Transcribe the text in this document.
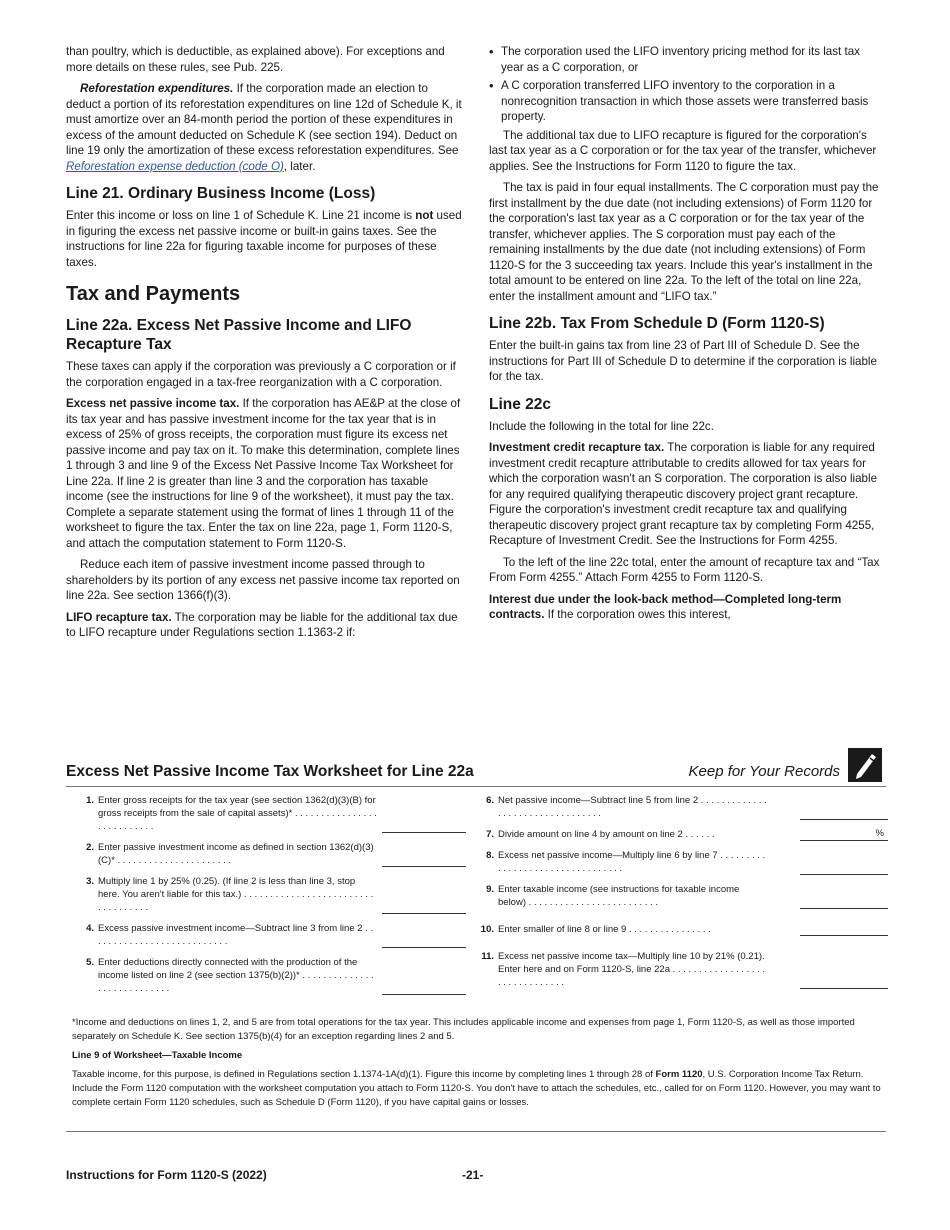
than poultry, which is deductible, as explained above). For exceptions and more details on these rules, see Pub. 225.

Reforestation expenditures. If the corporation made an election to deduct a portion of its reforestation expenditures on line 12d of Schedule K, it must amortize over an 84-month period the portion of these expenditures in excess of the amount deducted on Schedule K (see section 194). Deduct on line 19 only the amortization of these excess reforestation expenditures. See Reforestation expense deduction (code O), later.

Line 21. Ordinary Business Income (Loss)

Enter this income or loss on line 1 of Schedule K. Line 21 income is not used in figuring the excess net passive income or built-in gains taxes. See the instructions for line 22a for figuring taxable income for purposes of these taxes.

Tax and Payments
Line 22a. Excess Net Passive Income and LIFO Recapture Tax

These taxes can apply if the corporation was previously a C corporation or if the corporation engaged in a tax-free reorganization with a C corporation.

Excess net passive income tax. If the corporation has AE&P at the close of its tax year and has passive investment income for the tax year that is in excess of 25% of gross receipts, the corporation must figure its excess net passive income and pay tax on it. To make this determination, complete lines 1 through 3 and line 9 of the Excess Net Passive Income Tax Worksheet for Line 22a. If line 2 is greater than line 3 and the corporation has taxable income (see the instructions for line 9 of the worksheet), it must pay the tax. Complete a separate statement using the format of lines 1 through 11 of the worksheet to figure the tax. Enter the tax on line 22a, page 1, Form 1120-S, and attach the computation statement to Form 1120-S.

Reduce each item of passive investment income passed through to shareholders by its portion of any excess net passive income tax reported on line 22a. See section 1366(f)(3).

LIFO recapture tax. The corporation may be liable for the additional tax due to LIFO recapture under Regulations section 1.1363-2 if:

• The corporation used the LIFO inventory pricing method for its last tax year as a C corporation, or
• A C corporation transferred LIFO inventory to the corporation in a nonrecognition transaction in which those assets were transferred basis property.

The additional tax due to LIFO recapture is figured for the corporation's last tax year as a C corporation or for the tax year of the transfer, whichever applies. See the Instructions for Form 1120 to figure the tax.

The tax is paid in four equal installments. The C corporation must pay the first installment by the due date (not including extensions) of Form 1120 for the corporation's last tax year as a C corporation or for the tax year of the transfer, whichever applies. The S corporation must pay each of the remaining installments by the due date (not including extensions) of Form 1120-S for the 3 succeeding tax years. Include this year's installment in the total amount to be entered on line 22a. To the left of the total on line 22a, enter the installment amount and “LIFO tax.”

Line 22b. Tax From Schedule D (Form 1120-S)

Enter the built-in gains tax from line 23 of Part III of Schedule D. See the instructions for Part III of Schedule D to determine if the corporation is liable for the tax.

Line 22c

Include the following in the total for line 22c.

Investment credit recapture tax. The corporation is liable for any required investment credit recapture attributable to credits allowed for tax years for which the corporation wasn't an S corporation. The corporation is also liable for any required qualifying therapeutic discovery project grant recapture. Figure the corporation's investment credit recapture tax and qualifying therapeutic discovery project grant recapture tax by completing Form 4255, Recapture of Investment Credit. See the Instructions for Form 4255.

To the left of the line 22c total, enter the amount of recapture tax and “Tax From Form 4255.” Attach Form 4255 to Form 1120-S.

Interest due under the look-back method—Completed long-term contracts. If the corporation owes this interest,

Excess Net Passive Income Tax Worksheet for Line 22a	Keep for Your Records
1. Enter gross receipts for the tax year (see section 1362(d)(3)(B) for gross receipts from the sale of capital assets)* . . . . . . . . . . . . . . . . . . . . . . . . . . .
2. Enter passive investment income as defined in section 1362(d)(3)(C)* . . . . . . . . . . . . . . . . . . . . . .
3. Multiply line 1 by 25% (0.25). (If line 2 is less than line 3, stop here. You aren't liable for this tax.) . . . . . . . . . . . . . . . . . . . . . . . . . . . . . . . . . . .
4. Excess passive investment income—Subtract line 3 from line 2 . . . . . . . . . . . . . . . . . . . . . . . . . . .
5. Enter deductions directly connected with the production of the income listed on line 2 (see section 1375(b)(2))* . . . . . . . . . . . . . . . . . . . . . . . . . . . .
6. Net passive income—Subtract line 5 from line 2 . . . . . . . . . . . . . . . . . . . . . . . . . . . . . . . . .
7. Divide amount on line 4 by amount on line 2 . . . . . .	%
8. Excess net passive income—Multiply line 6 by line 7 . . . . . . . . . . . . . . . . . . . . . . . . . . . . . . . . .
9. Enter taxable income (see instructions for taxable income below) . . . . . . . . . . . . . . . . . . . . . . . . .
10. Enter smaller of line 8 or line 9 . . . . . . . . . . . . . . . .
11. Excess net passive income tax—Multiply line 10 by 21% (0.21). Enter here and on Form 1120-S, line 22a . . . . . . . . . . . . . . . . . . . . . . . . . . . . . . .

*Income and deductions on lines 1, 2, and 5 are from total operations for the tax year. This includes applicable income and expenses from page 1, Form 1120-S, as well as those imported separately on Schedule K. See section 1375(b)(4) for an exception regarding lines 2 and 5.

Line 9 of Worksheet—Taxable Income

Taxable income, for this purpose, is defined in Regulations section 1.1374-1A(d)(1). Figure this income by completing lines 1 through 28 of Form 1120, U.S. Corporation Income Tax Return. Include the Form 1120 computation with the worksheet computation you attach to Form 1120-S. You don't have to attach the schedules, etc., called for on Form 1120. However, you may want to complete certain Form 1120 schedules, such as Schedule D (Form 1120), if you have capital gains or losses.

Instructions for Form 1120-S (2022)	-21-
